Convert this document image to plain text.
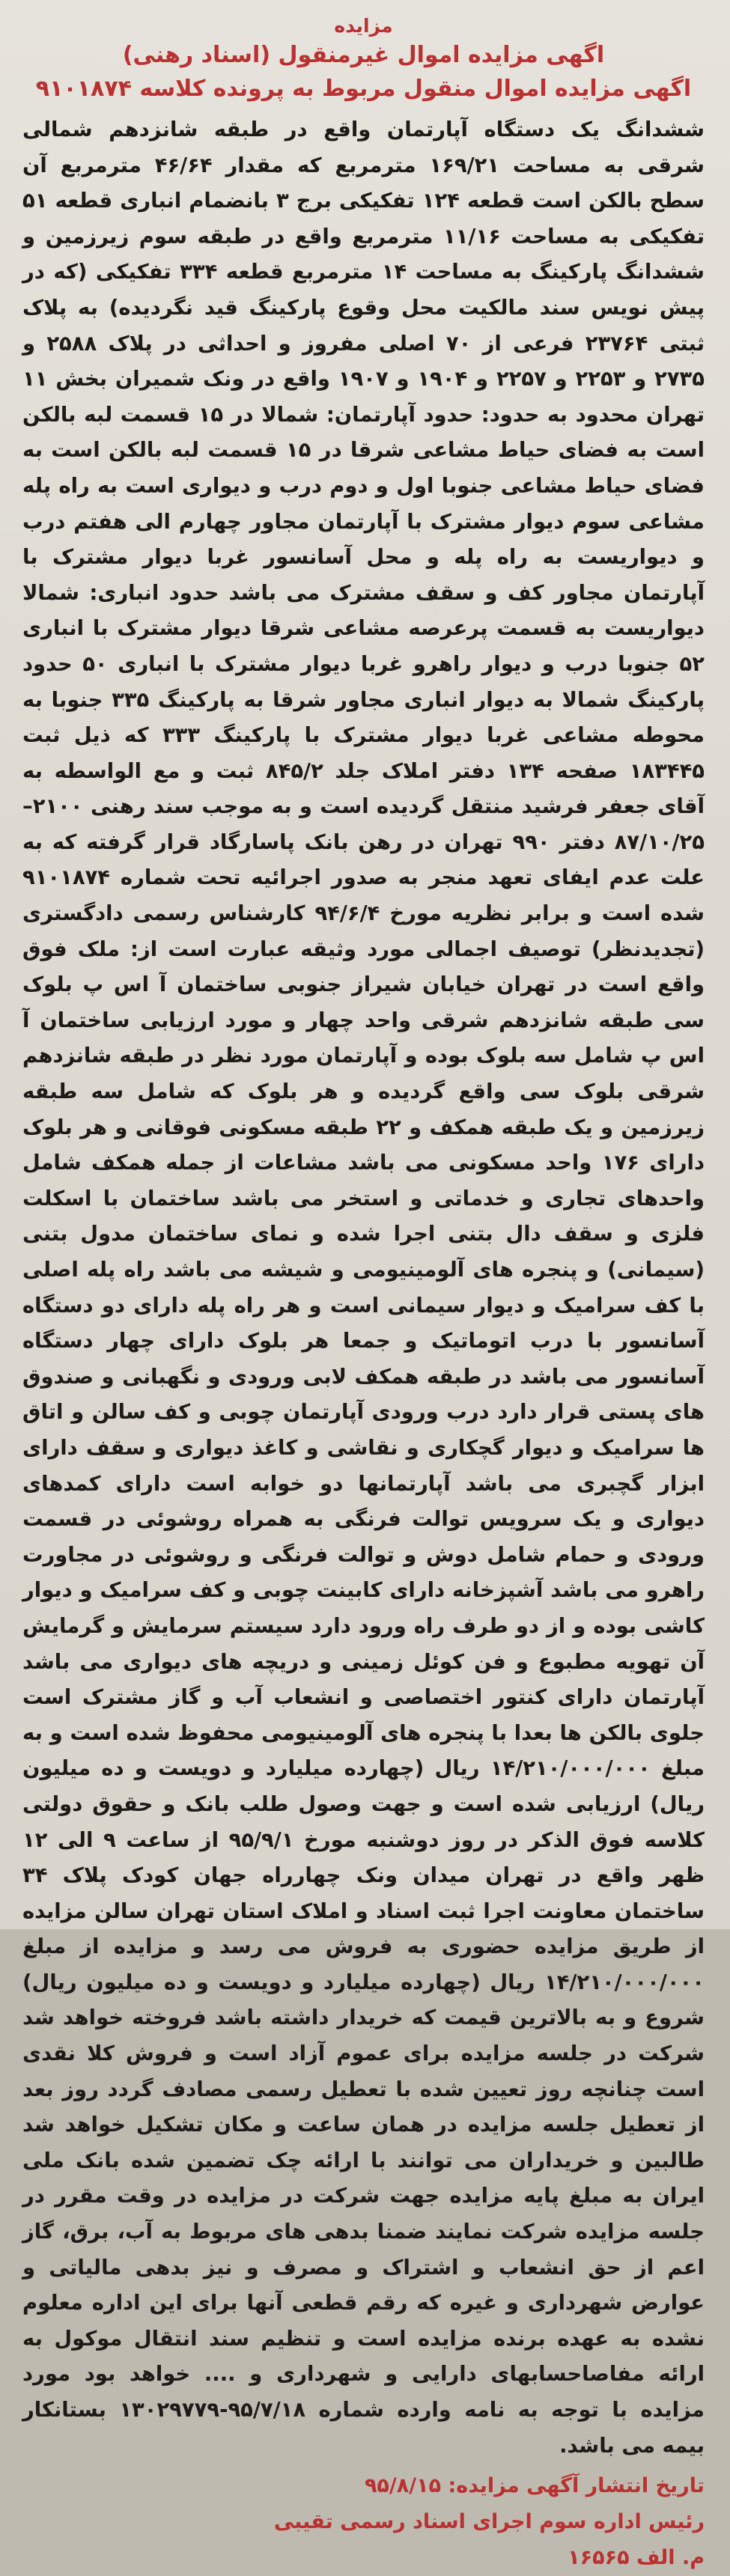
مزایده

اگهی مزایده اموال غیرمنقول (اسناد رهنی)

اگهی مزایده اموال منقول مربوط به پرونده کلاسه ۹۱۰۱۸۷۴

ششدانگ یک دستگاه آپارتمان واقع در طبقه شانزدهم شمالی شرقی به مساحت ۱۶۹/۲۱ مترمربع که مقدار ۴۶/۶۴ مترمربع آن سطح بالکن است قطعه ۱۲۴ تفکیکی برج ۳ بانضمام انباری قطعه ۵۱ تفکیکی به مساحت ۱۱/۱۶ مترمربع واقع در طبقه سوم زیرزمین و ششدانگ پارکینگ به مساحت ۱۴ مترمربع قطعه ۳۳۴ تفکیکی (که در پیش نویس سند مالکیت محل وقوع پارکینگ قید نگردیده) به پلاک ثبتی ۲۳۷۶۴ فرعی از ۷۰ اصلی مفروز و احداثی در پلاک ۲۵۸۸ و ۲۷۳۵ و ۲۲۵۳ و ۲۲۵۷ و ۱۹۰۴ و ۱۹۰۷ واقع در ونک شمیران بخش ۱۱ تهران محدود به حدود: حدود آپارتمان: شمالا در ۱۵ قسمت لبه بالکن است به فضای حیاط مشاعی شرقا در ۱۵ قسمت لبه بالکن است به فضای حیاط مشاعی جنوبا اول و دوم درب و دیواری است به راه پله مشاعی سوم دیوار مشترک با آپارتمان مجاور چهارم الی هفتم درب و دیواریست به راه پله و محل آسانسور غربا دیوار مشترک با آپارتمان مجاور کف و سقف مشترک می باشد حدود انباری: شمالا دیواریست به قسمت پرعرصه مشاعی شرقا دیوار مشترک با انباری ۵۲ جنوبا درب و دیوار راهرو غربا دیوار مشترک با انباری ۵۰ حدود پارکینگ شمالا به دیوار انباری مجاور شرقا به پارکینگ ۳۳۵ جنوبا به محوطه مشاعی غربا دیوار مشترک با پارکینگ ۳۳۳ که ذیل ثبت ۱۸۳۴۴۵ صفحه ۱۳۴ دفتر املاک جلد ۸۴۵/۲ ثبت و مع الواسطه به آقای جعفر فرشید منتقل گردیده است و به موجب سند رهنی ۲۱۰۰– ۸۷/۱۰/۲۵ دفتر ۹۹۰ تهران در رهن بانک پاسارگاد قرار گرفته که به علت عدم ایفای تعهد منجر به صدور اجرائیه تحت شماره ۹۱۰۱۸۷۴ شده است و برابر نظریه مورخ ۹۴/۶/۴ کارشناس رسمی دادگستری (تجدیدنظر) توصیف اجمالی مورد وثیقه عبارت است از: ملک فوق واقع است در تهران خیابان شیراز جنوبی ساختمان آ اس پ بلوک سی طبقه شانزدهم شرقی واحد چهار و مورد ارزیابی ساختمان آ اس پ شامل سه بلوک بوده و آپارتمان مورد نظر در طبقه شانزدهم شرقی بلوک سی واقع گردیده و هر بلوک که شامل سه طبقه زیرزمین و یک طبقه همکف و ۲۲ طبقه مسکونی فوقانی و هر بلوک دارای ۱۷۶ واحد مسکونی می باشد مشاعات از جمله همکف شامل واحدهای تجاری و خدماتی و استخر می باشد ساختمان با اسکلت فلزی و سقف دال بتنی اجرا شده و نمای ساختمان مدول بتنی (سیمانی) و پنجره های آلومینیومی و شیشه می باشد راه پله اصلی با کف سرامیک و دیوار سیمانی است و هر راه پله دارای دو دستگاه آسانسور با درب اتوماتیک و جمعا هر بلوک دارای چهار دستگاه آسانسور می باشد در طبقه همکف لابی ورودی و نگهبانی و صندوق های پستی قرار دارد درب ورودی آپارتمان چوبی و کف سالن و اتاق ها سرامیک و دیوار گچکاری و نقاشی و کاغذ دیواری و سقف دارای ابزار گچبری می باشد آپارتمانها دو خوابه است دارای کمدهای دیواری و یک سرویس توالت فرنگی به همراه روشوئی در قسمت ورودی و حمام شامل دوش و توالت فرنگی و روشوئی در مجاورت راهرو می باشد آشپزخانه دارای کابینت چوبی و کف سرامیک و دیوار کاشی بوده و از دو طرف راه ورود دارد سیستم سرمایش و گرمایش آن تهویه مطبوع و فن کوئل زمینی و دریچه های دیواری می باشد آپارتمان دارای کنتور اختصاصی و انشعاب آب و گاز مشترک است جلوی بالکن ها بعدا با پنجره های آلومینیومی محفوظ شده است و به مبلغ ۱۴/۲۱۰/۰۰۰/۰۰۰ ریال (چهارده میلیارد و دویست و ده میلیون ریال) ارزیابی شده است و جهت وصول طلب بانک و حقوق دولتی کلاسه فوق الذکر در روز دوشنبه مورخ ۹۵/۹/۱ از ساعت ۹ الی ۱۲ ظهر واقع در تهران میدان ونک چهارراه جهان کودک پلاک ۳۴ ساختمان معاونت اجرا ثبت اسناد و املاک استان تهران سالن مزایده از طریق مزایده حضوری به فروش می رسد و مزایده از مبلغ ۱۴/۲۱۰/۰۰۰/۰۰۰ ریال (چهارده میلیارد و دویست و ده میلیون ریال) شروع و به بالاترین قیمت که خریدار داشته باشد فروخته خواهد شد شرکت در جلسه مزایده برای عموم آزاد است و فروش کلا نقدی است چنانچه روز تعیین شده با تعطیل رسمی مصادف گردد روز بعد از تعطیل جلسه مزایده در همان ساعت و مکان تشکیل خواهد شد طالبین و خریداران می توانند با ارائه چک تضمین شده بانک ملی ایران به مبلغ پایه مزایده جهت شرکت در مزایده در وقت مقرر در جلسه مزایده شرکت نمایند ضمنا بدهی های مربوط به آب، برق، گاز اعم از حق انشعاب و اشتراک و مصرف و نیز بدهی مالیاتی و عوارض شهرداری و غیره که رقم قطعی آنها برای این اداره معلوم نشده به عهده برنده مزایده است و تنظیم سند انتقال موکول به ارائه مفاصاحسابهای دارایی و شهرداری و .... خواهد بود مورد مزایده با توجه به نامه وارده شماره ۹۵/۷/۱۸-۱۳۰۲۹۷۷۹ بستانکار بیمه می باشد.

تاریخ انتشار آگهی مزایده: ۹۵/۸/۱۵
رئیس اداره سوم اجرای اسناد رسمی تقیبی
م. الف ۱۶۵۶۵
